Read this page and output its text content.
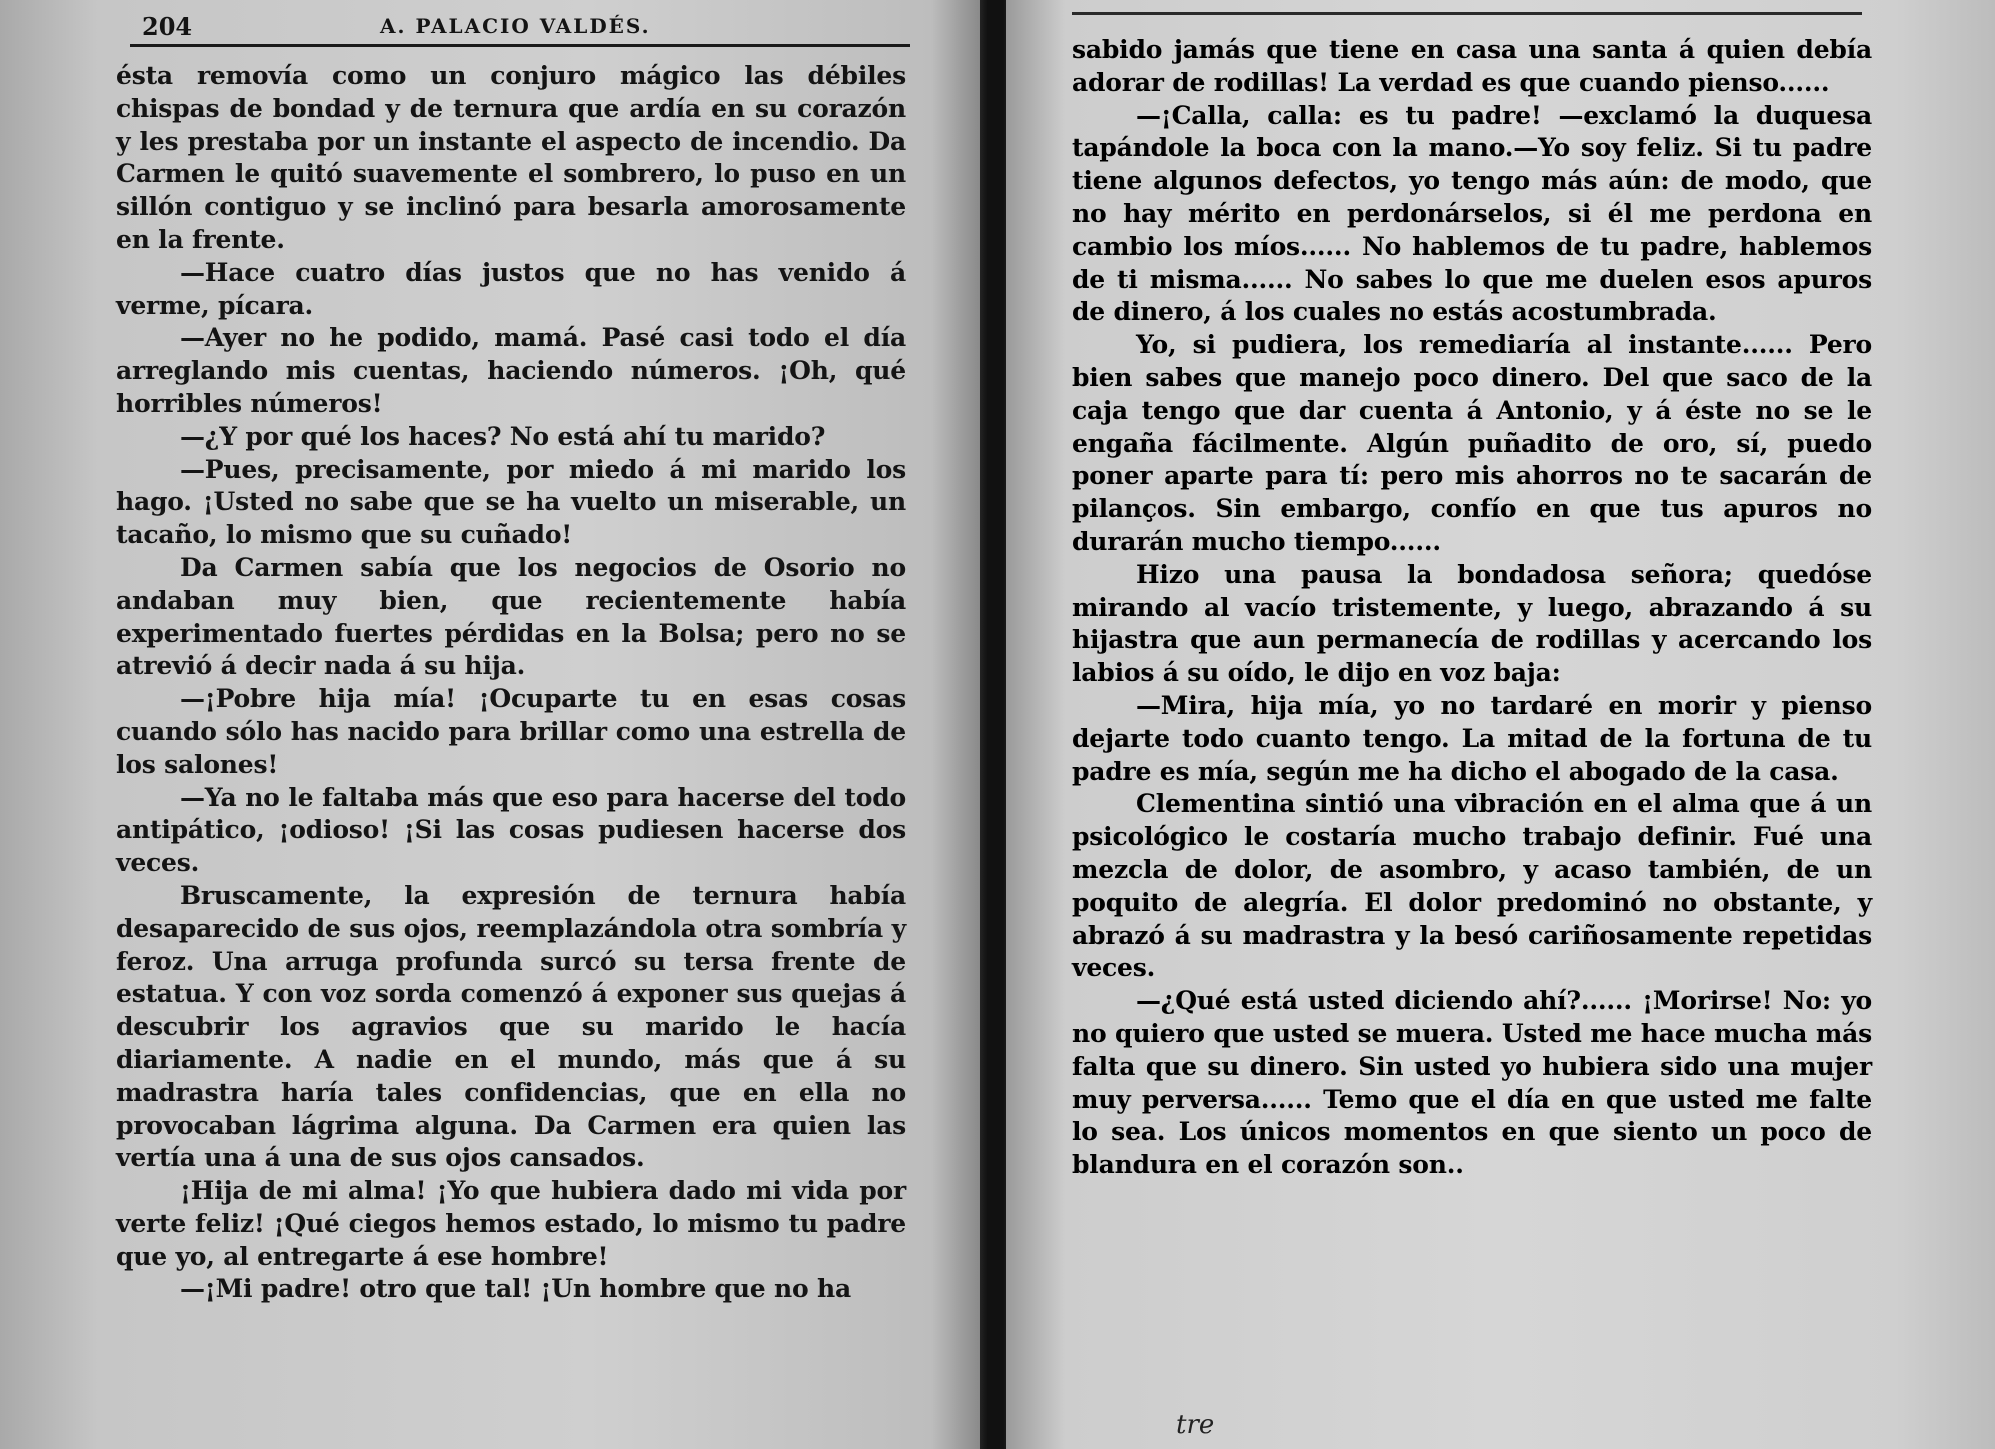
204	A. PALACIO VALDÉS.

ésta removía como un conjuro mágico las débiles chispas de bondad y de ternura que ardía en su corazón y les prestaba por un instante el aspecto de incendio. Da Carmen le quitó suavemente el sombrero, lo puso en un sillón contiguo y se inclinó para besarla amorosamente en la frente.

—Hace cuatro días justos que no has venido á verme, pícara.

—Ayer no he podido, mamá. Pasé casi todo el día arreglando mis cuentas, haciendo números. ¡Oh, qué horribles números!

—¿Y por qué los haces? No está ahí tu marido?

—Pues, precisamente, por miedo á mi marido los hago. ¡Usted no sabe que se ha vuelto un miserable, un tacaño, lo mismo que su cuñado!

Da Carmen sabía que los negocios de Osorio no andaban muy bien, que recientemente había experimentado fuertes pérdidas en la Bolsa; pero no se atrevió á decir nada á su hija.

—¡Pobre hija mía! ¡Ocuparte tu en esas cosas cuando sólo has nacido para brillar como una estrella de los salones!

—Ya no le faltaba más que eso para hacerse del todo antipático, ¡odioso! ¡Si las cosas pudiesen hacerse dos veces.

Bruscamente, la expresión de ternura había desaparecido de sus ojos, reemplazándola otra sombría y feroz. Una arruga profunda surcó su tersa frente de estatua. Y con voz sorda comenzó á exponer sus quejas á descubrir los agravios que su marido le hacía diariamente. A nadie en el mundo, más que á su madrastra haría tales confidencias, que en ella no provocaban lágrima alguna. Da Carmen era quien las vertía una á una de sus ojos cansados.

¡Hija de mi alma! ¡Yo que hubiera dado mi vida por verte feliz! ¡Qué ciegos hemos estado, lo mismo tu padre que yo, al entregarte á ese hombre!

—¡Mi padre! otro que tal! ¡Un hombre que no ha

sabido jamás que tiene en casa una santa á quien debía adorar de rodillas! La verdad es que cuando pienso......

—¡Calla, calla: es tu padre! —exclamó la duquesa tapándole la boca con la mano.—Yo soy feliz. Si tu padre tiene algunos defectos, yo tengo más aún: de modo, que no hay mérito en perdonárselos, si él me perdona en cambio los míos...... No hablemos de tu padre, hablemos de ti misma...... No sabes lo que me duelen esos apuros de dinero, á los cuales no estás acostumbrada.

Yo, si pudiera, los remediaría al instante...... Pero bien sabes que manejo poco dinero. Del que saco de la caja tengo que dar cuenta á Antonio, y á éste no se le engaña fácilmente. Algún puñadito de oro, sí, puedo poner aparte para tí: pero mis ahorros no te sacarán de pilanços. Sin embargo, confío en que tus apuros no durarán mucho tiempo......

Hizo una pausa la bondadosa señora; quedóse mirando al vacío tristemente, y luego, abrazando á su hijastra que aun permanecía de rodillas y acercando los labios á su oído, le dijo en voz baja:

—Mira, hija mía, yo no tardaré en morir y pienso dejarte todo cuanto tengo. La mitad de la fortuna de tu padre es mía, según me ha dicho el abogado de la casa.

Clementina sintió una vibración en el alma que á un psicológico le costaría mucho trabajo definir. Fué una mezcla de dolor, de asombro, y acaso también, de un poquito de alegría. El dolor predominó no obstante, y abrazó á su madrastra y la besó cariñosamente repetidas veces.

—¿Qué está usted diciendo ahí?...... ¡Morirse! No: yo no quiero que usted se muera. Usted me hace mucha más falta que su dinero. Sin usted yo hubiera sido una mujer muy perversa...... Temo que el día en que usted me falte lo sea. Los únicos momentos en que siento un poco de blandura en el corazón son..

tre
